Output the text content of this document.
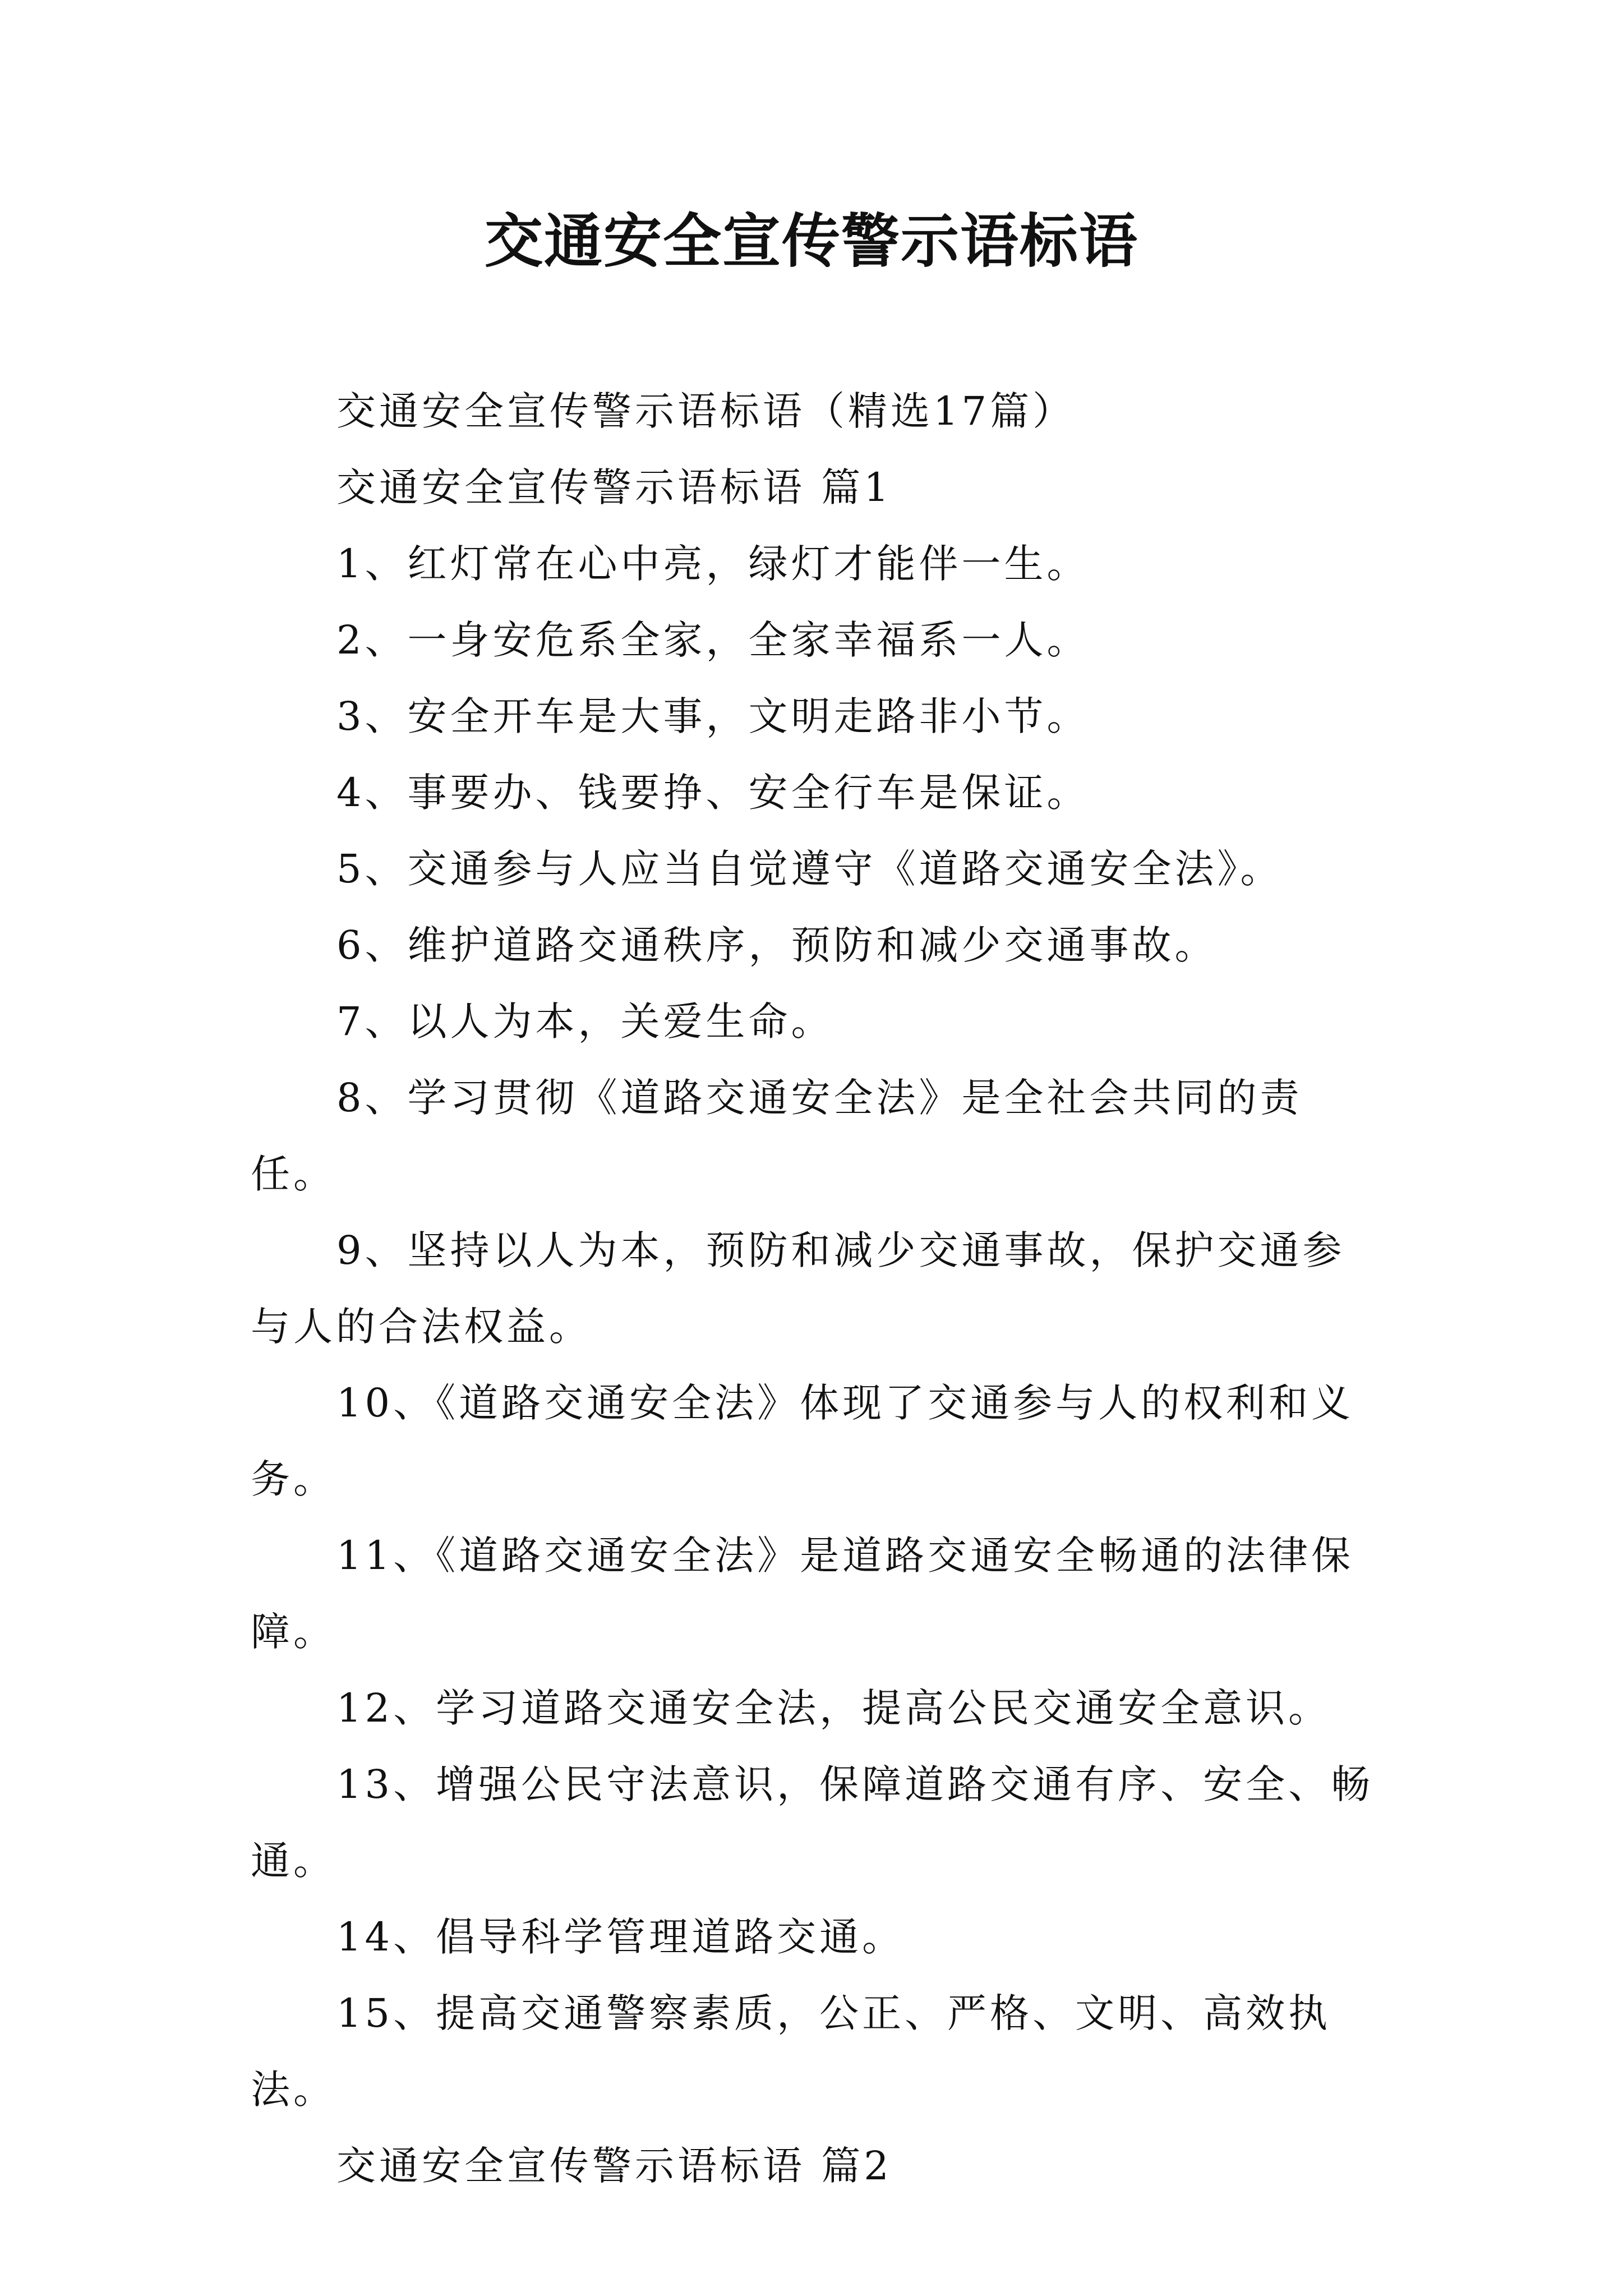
交通安全宣传警示语标语

交通安全宣传警示语标语（精选17篇）

交通安全宣传警示语标语 篇1

1、红灯常在心中亮，绿灯才能伴一生。

2、一身安危系全家，全家幸福系一人。

3、安全开车是大事，文明走路非小节。

4、事要办、钱要挣、安全行车是保证。

5、交通参与人应当自觉遵守《道路交通安全法》。

6、维护道路交通秩序，预防和减少交通事故。

7、以人为本，关爱生命。

8、学习贯彻《道路交通安全法》是全社会共同的责任。

9、坚持以人为本，预防和减少交通事故，保护交通参与人的合法权益。

10、《道路交通安全法》体现了交通参与人的权利和义务。

11、《道路交通安全法》是道路交通安全畅通的法律保障。

12、学习道路交通安全法，提高公民交通安全意识。

13、增强公民守法意识，保障道路交通有序、安全、畅通。

14、倡导科学管理道路交通。

15、提高交通警察素质，公正、严格、文明、高效执法。

交通安全宣传警示语标语 篇2
